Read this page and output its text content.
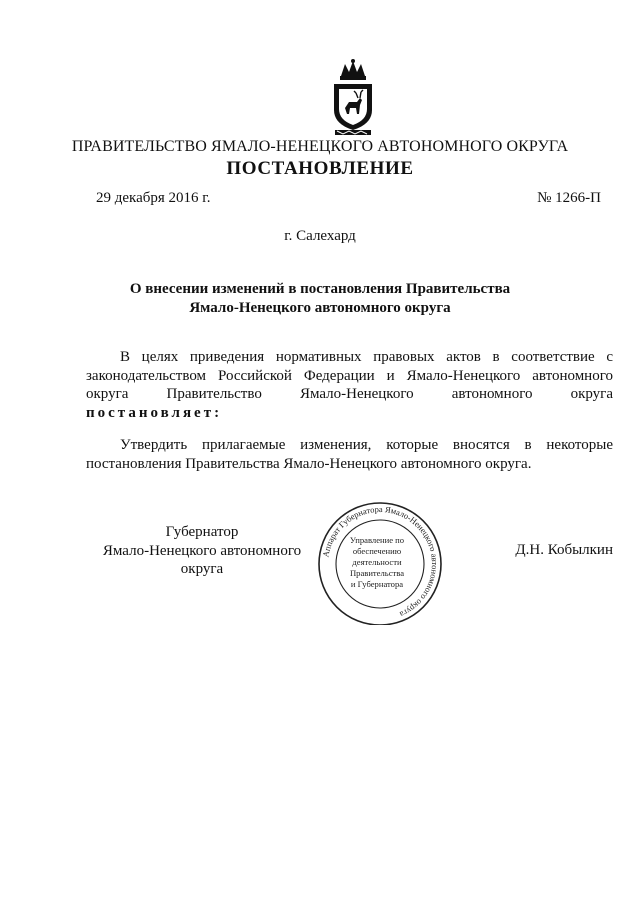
ПРАВИТЕЛЬСТВО ЯМАЛО-НЕНЕЦКОГО АВТОНОМНОГО ОКРУГА
ПОСТАНОВЛЕНИЕ
29 декабря 2016 г.	№ 1266-П
г. Салехард
О внесении изменений в постановления Правительства
Ямало-Ненецкого автономного округа
В целях приведения нормативных правовых актов в соответствие с законодательством Российской Федерации и Ямало-Ненецкого автономного округа Правительство Ямало-Ненецкого автономного округа постановляет:
Утвердить прилагаемые изменения, которые вносятся в некоторые постановления Правительства Ямало-Ненецкого автономного округа.
Губернатор
Ямало-Ненецкого автономного округа
Д.Н. Кобылкин
Аппарат Губернатора Ямало-Ненецкого автономного округа
Управление по
обеспечению
деятельности
Правительства
и Губернатора
